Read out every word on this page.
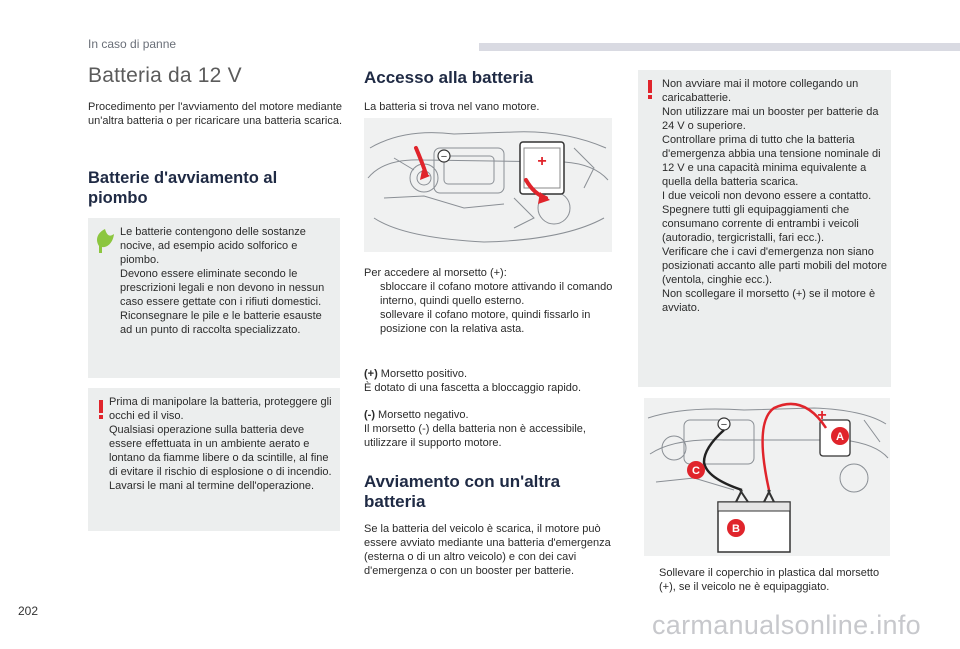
In caso di panne
Batteria da 12 V
Procedimento per l'avviamento del motore mediante un'altra batteria o per ricaricare una batteria scarica.
Batterie d'avviamento al piombo
Le batterie contengono delle sostanze nocive, ad esempio acido solforico e piombo.
Devono essere eliminate secondo le prescrizioni legali e non devono in nessun caso essere gettate con i rifiuti domestici.
Riconsegnare le pile e le batterie esauste ad un punto di raccolta specializzato.
Prima di manipolare la batteria, proteggere gli occhi ed il viso.
Qualsiasi operazione sulla batteria deve essere effettuata in un ambiente aerato e lontano da fiamme libere o da scintille, al fine di evitare il rischio di esplosione o di incendio.
Lavarsi le mani al termine dell'operazione.
Accesso alla batteria
La batteria si trova nel vano motore.
−	+
Per accedere al morsetto (+):
sbloccare il cofano motore attivando il comando interno, quindi quello esterno.
sollevare il cofano motore, quindi fissarlo in posizione con la relativa asta.
(+) Morsetto positivo.
È dotato di una fascetta a bloccaggio rapido.
(-) Morsetto negativo.
Il morsetto (-) della batteria non è accessibile, utilizzare il supporto motore.
Avviamento con un'altra batteria
Se la batteria del veicolo è scarica, il motore può essere avviato mediante una batteria d'emergenza (esterna o di un altro veicolo) e con dei cavi d'emergenza o con un booster per batterie.
Non avviare mai il motore collegando un caricabatterie.
Non utilizzare mai un booster per batterie da 24 V o superiore.
Controllare prima di tutto che la batteria d'emergenza abbia una tensione nominale di 12 V e una capacità minima equivalente a quella della batteria scarica.
I due veicoli non devono essere a contatto.
Spegnere tutti gli equipaggiamenti che consumano corrente di entrambi i veicoli (autoradio, tergicristalli, fari ecc.).
Verificare che i cavi d'emergenza non siano posizionati accanto alle parti mobili del motore (ventola, cinghie ecc.).
Non scollegare il morsetto (+) se il motore è avviato.
−
+
A
B
C
Sollevare il coperchio in plastica dal morsetto (+), se il veicolo ne è equipaggiato.
202	carmanualsonline.info
